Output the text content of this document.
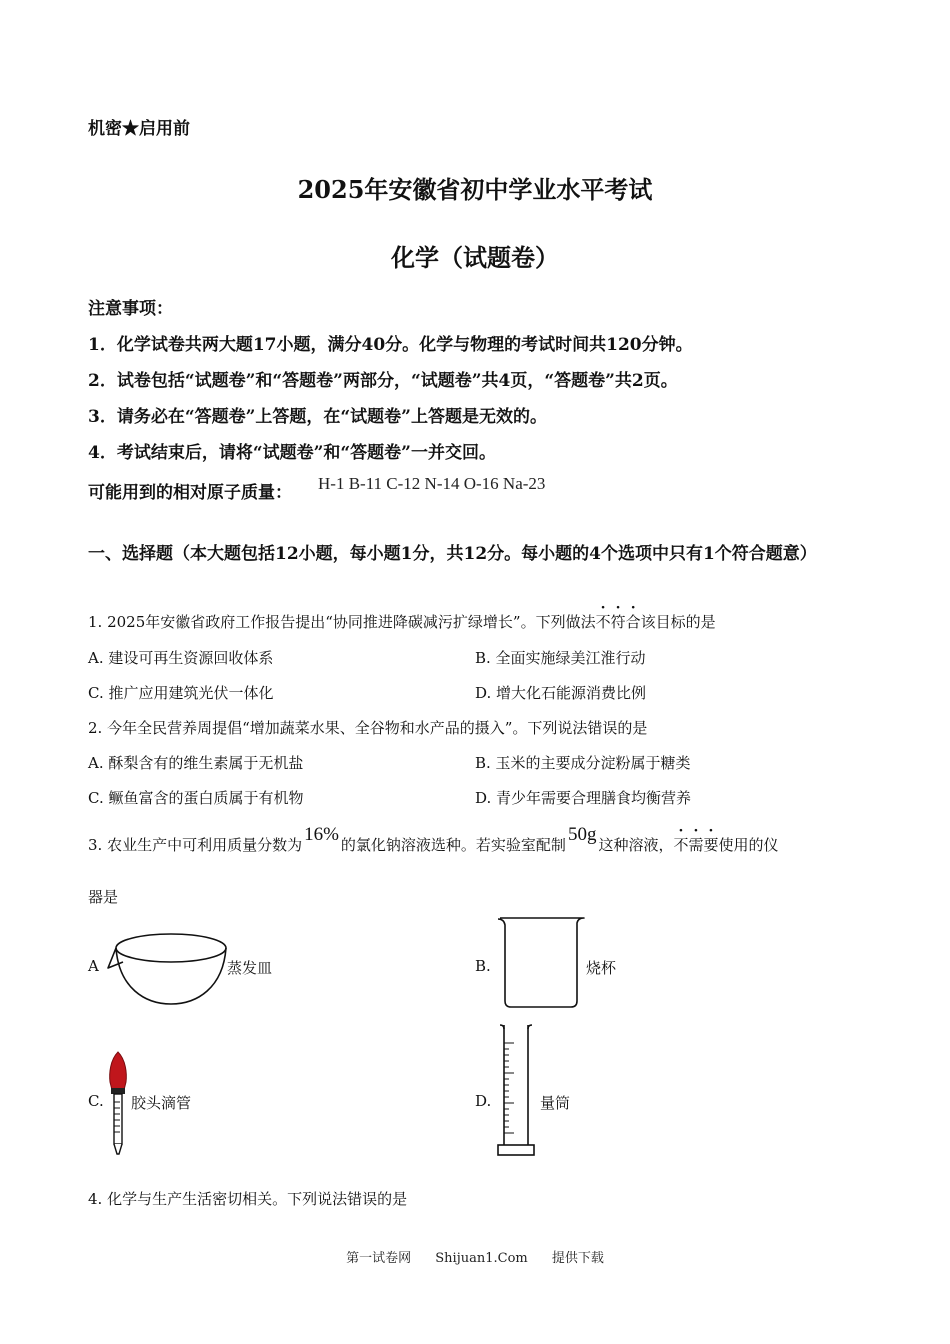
机密★启用前
2025年安徽省初中学业水平考试
化学（试题卷）
注意事项：
1．化学试卷共两大题17小题，满分40分。化学与物理的考试时间共120分钟。
2．试卷包括“试题卷”和“答题卷”两部分，“试题卷”共4页，“答题卷”共2页。
3．请务必在“答题卷”上答题，在“试题卷”上答题是无效的。
4．考试结束后，请将“试题卷”和“答题卷”一并交回。
可能用到的相对原子质量： H-1 B-11 C-12 N-14 O-16 Na-23
一、选择题（本大题包括12小题，每小题1分，共12分。每小题的4个选项中只有1个符合题意）
1. 2025年安徽省政府工作报告提出“协同推进降碳减污扩绿增长”。下列做法不符合该目标的是
A. 建设可再生资源回收体系	B. 全面实施绿美江淮行动
C. 推广应用建筑光伏一体化	D. 增大化石能源消费比例
2. 今年全民营养周提倡“增加蔬菜水果、全谷物和水产品的摄入”。下列说法错误的是
A. 酥梨含有的维生素属于无机盐	B. 玉米的主要成分淀粉属于糖类
C. 鳜鱼富含的蛋白质属于有机物	D. 青少年需要合理膳食均衡营养
3. 农业生产中可利用质量分数为 16% 的氯化钠溶液选种。若实验室配制 50g 这种溶液，不需要使用的仪
器是
A	蒸发皿	B.	烧杯
C. 胶头滴管	D.	量筒
4. 化学与生产生活密切相关。下列说法错误的是
第一试卷网 Shijuan1.Com 提供下载
